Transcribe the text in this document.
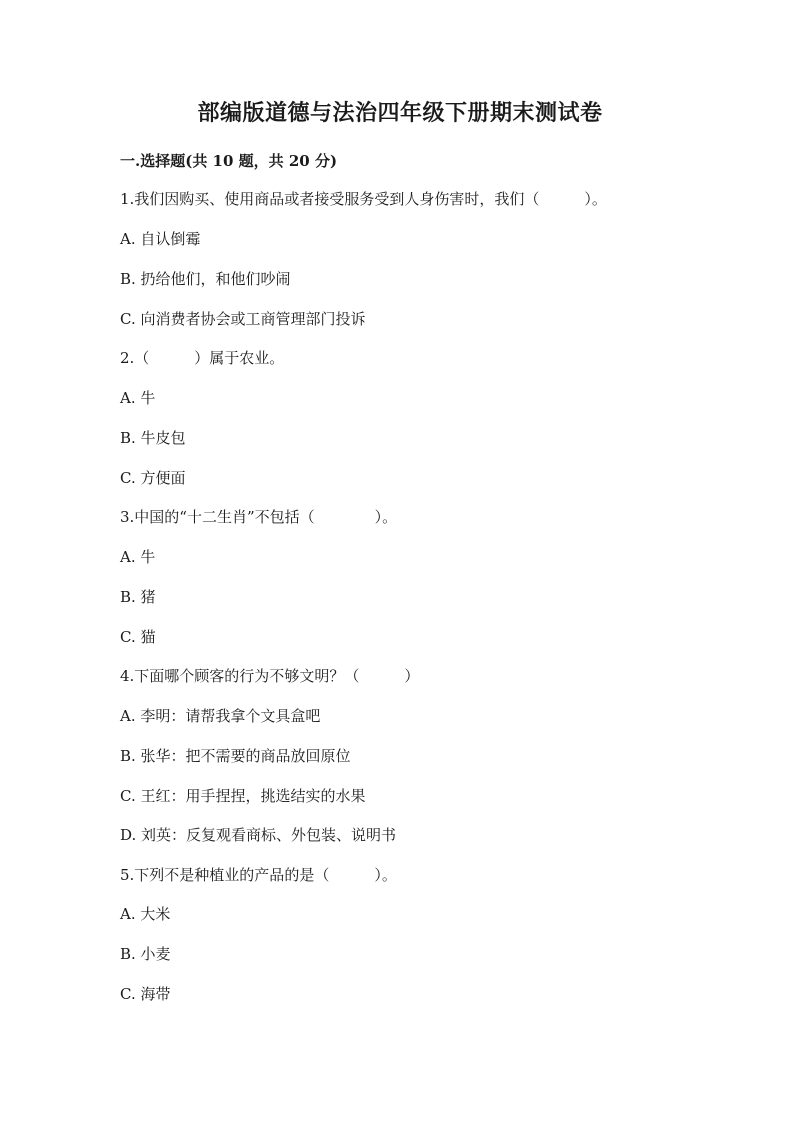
部编版道德与法治四年级下册期末测试卷

一.选择题(共 10 题，共 20 分)

1.我们因购买、使用商品或者接受服务受到人身伤害时，我们（　　　）。

A. 自认倒霉

B. 扔给他们，和他们吵闹

C. 向消费者协会或工商管理部门投诉

2.（　　　）属于农业。

A. 牛

B. 牛皮包

C. 方便面

3.中国的“十二生肖”不包括（　　　　）。

A. 牛

B. 猪

C. 猫

4.下面哪个顾客的行为不够文明？（　　　）

A. 李明：请帮我拿个文具盒吧

B. 张华：把不需要的商品放回原位

C. 王红：用手捏捏，挑选结实的水果

D. 刘英：反复观看商标、外包装、说明书

5.下列不是种植业的产品的是（　　　）。

A. 大米

B. 小麦

C. 海带
